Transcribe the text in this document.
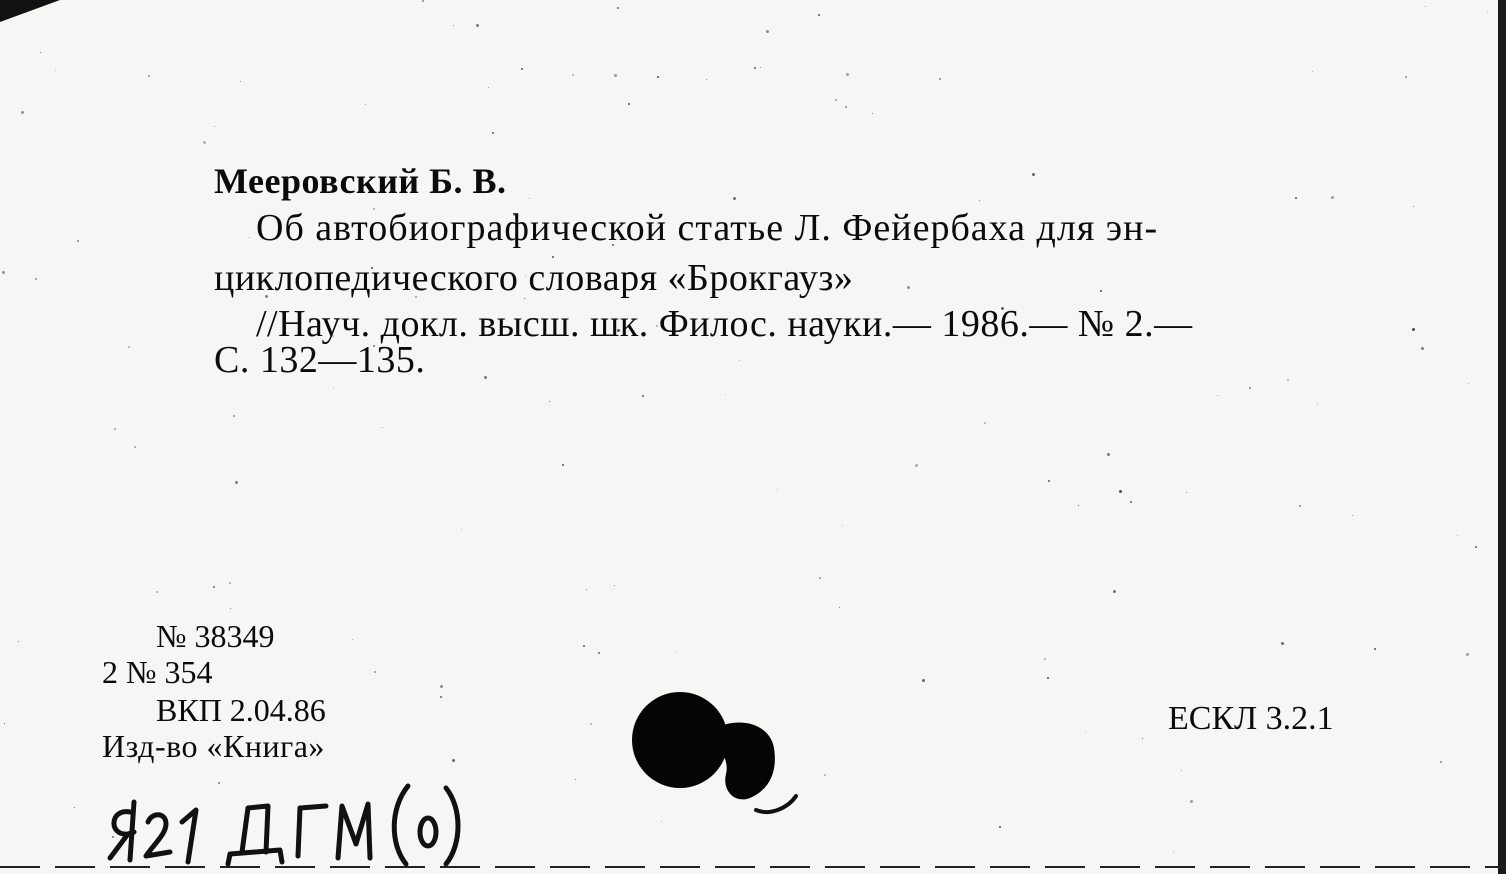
Мееровский Б. В.
Об автобиографической статье Л. Фейербаха для эн-
циклопедического словаря «Брокгауз»
//Науч. докл. высш. шк. Филос. науки.— 1986.— № 2.—
С. 132—135.
№ 38349
2 № 354
ВКП 2.04.86
Изд-во «Книга»
ЕСКЛ 3.2.1
